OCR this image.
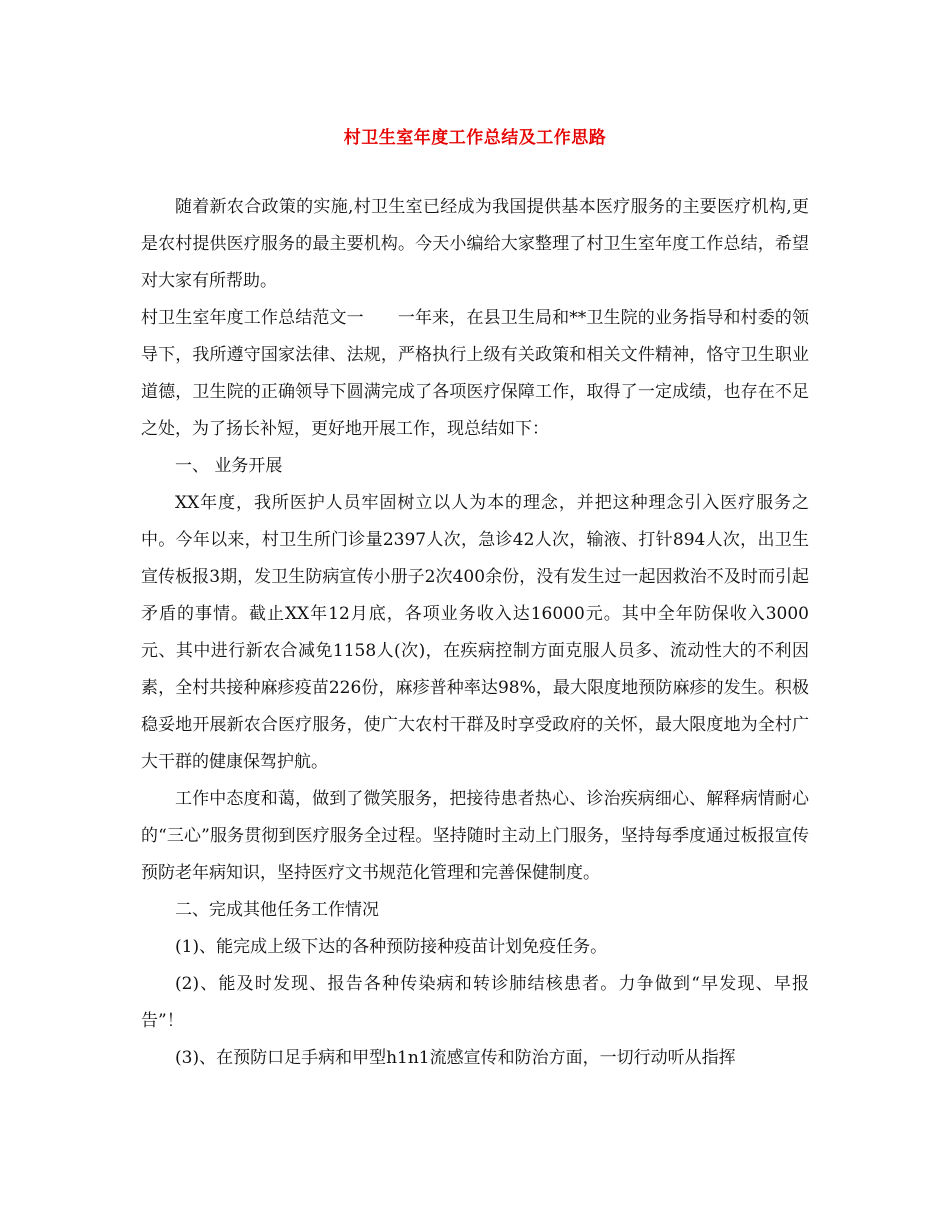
村卫生室年度工作总结及工作思路

随着新农合政策的实施,村卫生室已经成为我国提供基本医疗服务的主要医疗机构,更是农村提供医疗服务的最主要机构。今天小编给大家整理了村卫生室年度工作总结，希望对大家有所帮助。

村卫生室年度工作总结范文一 一年来，在县卫生局和**卫生院的业务指导和村委的领导下，我所遵守国家法律、法规，严格执行上级有关政策和相关文件精神，恪守卫生职业道德，卫生院的正确领导下圆满完成了各项医疗保障工作，取得了一定成绩，也存在不足之处，为了扬长补短，更好地开展工作，现总结如下：

一、 业务开展

XX年度，我所医护人员牢固树立以人为本的理念，并把这种理念引入医疗服务之中。今年以来，村卫生所门诊量2397人次，急诊42人次，输液、打针894人次，出卫生宣传板报3期，发卫生防病宣传小册子2次400余份，没有发生过一起因救治不及时而引起矛盾的事情。截止XX年12月底，各项业务收入达16000元。其中全年防保收入3000元、其中进行新农合减免1158人(次)，在疾病控制方面克服人员多、流动性大的不利因素，全村共接种麻疹疫苗226份，麻疹普种率达98%，最大限度地预防麻疹的发生。积极稳妥地开展新农合医疗服务，使广大农村干群及时享受政府的关怀，最大限度地为全村广大干群的健康保驾护航。

工作中态度和蔼，做到了微笑服务，把接待患者热心、诊治疾病细心、解释病情耐心的“三心”服务贯彻到医疗服务全过程。坚持随时主动上门服务，坚持每季度通过板报宣传预防老年病知识，坚持医疗文书规范化管理和完善保健制度。

二、完成其他任务工作情况

(1)、能完成上级下达的各种预防接种疫苗计划免疫任务。

(2)、能及时发现、报告各种传染病和转诊肺结核患者。力争做到“早发现、早报告”！

(3)、在预防口足手病和甲型h1n1流感宣传和防治方面，一切行动听从指挥
